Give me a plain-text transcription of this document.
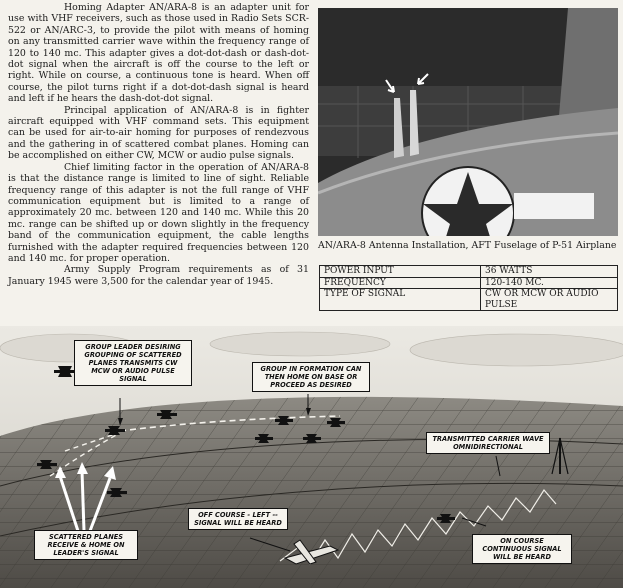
Homing Adapter AN/ARA-8 is an adapter unit for use with VHF receivers, such as those used in Radio Sets SCR-522 or AN/ARC-3, to provide the pilot with means of homing on any transmitted carrier wave within the frequency range of 120 to 140 mc. This adapter gives a dot-dot-dash or dash-dot-dot signal when the aircraft is off the course to the left or right. While on course, a continuous tone is heard. When off course, the pilot turns right if a dot-dot-dash signal is heard and left if he hears the dash-dot-dot signal.

Principal application of AN/ARA-8 is in fighter aircraft equipped with VHF command sets. This equipment can be used for air-to-air homing for purposes of rendezvous and the gathering in of scattered combat planes. Homing can be accomplished on either CW, MCW or audio pulse signals.

Chief limiting factor in the operation of AN/ARA-8 is that the distance range is limited to line of sight. Reliable frequency range of this adapter is not the full range of VHF communication equipment but is limited to a range of approximately 20 mc. between 120 and 140 mc. While this 20 mc. range can be shifted up or down slightly in the frequency band of the communication equipment, the cable lengths furnished with the adapter required frequencies between 120 and 140 mc. for proper operation.

Army Supply Program requirements as of 31 January 1945 were 3,500 for the calendar year of 1945.

AN/ARA-8 Antenna Installation, AFT Fuselage of P-51 Airplane
POWER INPUT	36 WATTS
FREQUENCY	120-140 MC.
TYPE OF SIGNAL	CW OR MCW OR AUDIO PULSE
GROUP LEADER DESIRING GROUPING OF SCATTERED PLANES TRANSMITS CW MCW OR AUDIO PULSE SIGNAL
GROUP IN FORMATION CAN THEN HOME ON BASE OR PROCEED AS DESIRED
TRANSMITTED CARRIER WAVE OMNIDIRECTIONAL
SCATTERED PLANES RECEIVE & HOME ON LEADER'S SIGNAL
OFF COURSE - LEFT -- SIGNAL WILL BE HEARD
ON COURSE CONTINUOUS SIGNAL WILL BE HEARD
